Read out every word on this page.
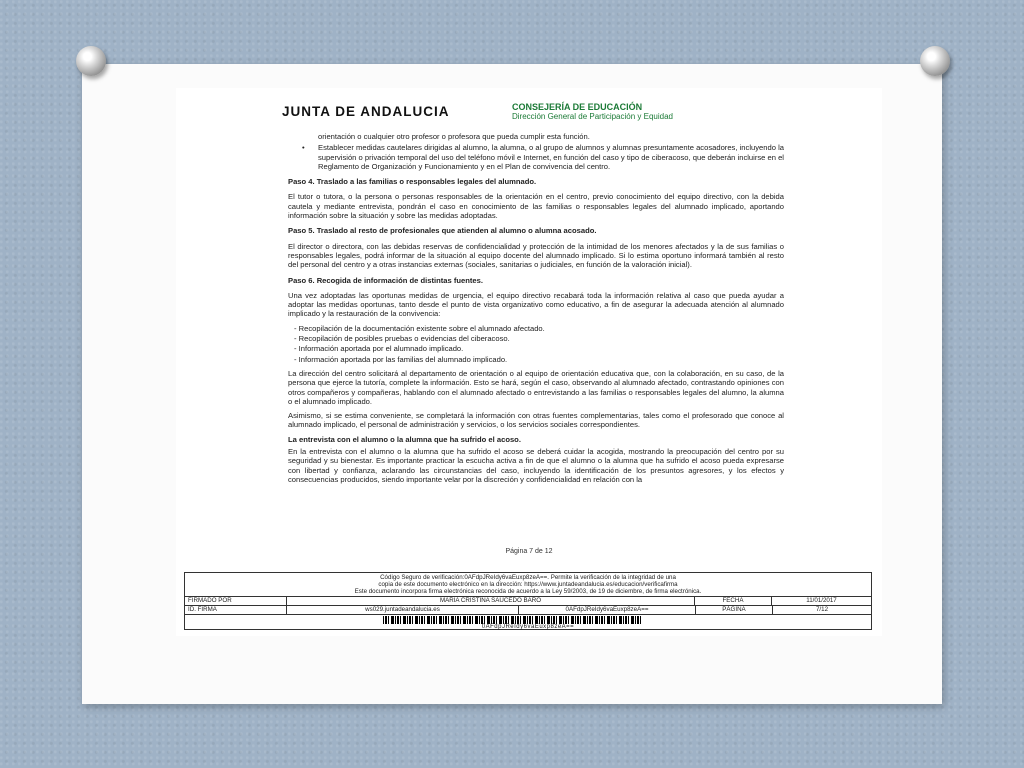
JUNTA DE ANDALUCIA	CONSEJERÍA DE EDUCACIÓN
Dirección General de Participación y Equidad

orientación o cualquier otro profesor o profesora que pueda cumplir esta función.

• Establecer medidas cautelares dirigidas al alumno, la alumna, o al grupo de alumnos y alumnas presuntamente acosadores, incluyendo la supervisión o privación temporal del uso del teléfono móvil e Internet, en función del caso y tipo de ciberacoso, que deberán incluirse en el Reglamento de Organización y Funcionamiento y en el Plan de convivencia del centro.

Paso 4. Traslado a las familias o responsables legales del alumnado.

El tutor o tutora, o la persona o personas responsables de la orientación en el centro, previo conocimiento del equipo directivo, con la debida cautela y mediante entrevista, pondrán el caso en conocimiento de las familias o responsables legales del alumnado implicado, aportando información sobre la situación y sobre las medidas adoptadas.

Paso 5. Traslado al resto de profesionales que atienden al alumno o alumna acosado.

El director o directora, con las debidas reservas de confidencialidad y protección de la intimidad de los menores afectados y la de sus familias o responsables legales, podrá informar de la situación al equipo docente del alumnado implicado. Si lo estima oportuno informará también al resto del personal del centro y a otras instancias externas (sociales, sanitarias o judiciales, en función de la valoración inicial).

Paso 6. Recogida de información de distintas fuentes.

Una vez adoptadas las oportunas medidas de urgencia, el equipo directivo recabará toda la información relativa al caso que pueda ayudar a adoptar las medidas oportunas, tanto desde el punto de vista organizativo como educativo, a fin de asegurar la adecuada atención al alumnado implicado y la restauración de la convivencia:

- Recopilación de la documentación existente sobre el alumnado afectado.

- Recopilación de posibles pruebas o evidencias del ciberacoso.

- Información aportada por el alumnado implicado.

- Información aportada por las familias del alumnado implicado.

La dirección del centro solicitará al departamento de orientación o al equipo de orientación educativa que, con la colaboración, en su caso, de la persona que ejerce la tutoría, complete la información. Esto se hará, según el caso, observando al alumnado afectado, contrastando opiniones con otros compañeros y compañeras, hablando con el alumnado afectado o entrevistando a las familias o responsables legales del alumno, la alumna o el alumnado implicado.

Asimismo, si se estima conveniente, se completará la información con otras fuentes complementarias, tales como el profesorado que conoce al alumnado implicado, el personal de administración y servicios, o los servicios sociales correspondientes.

La entrevista con el alumno o la alumna que ha sufrido el acoso.

En la entrevista con el alumno o la alumna que ha sufrido el acoso se deberá cuidar la acogida, mostrando la preocupación del centro por su seguridad y su bienestar. Es importante practicar la escucha activa a fin de que el alumno o la alumna que ha sufrido el acoso pueda expresarse con libertad y confianza, aclarando las circunstancias del caso, incluyendo la identificación de los presuntos agresores, y los efectos y consecuencias producidos, siendo importante velar por la discreción y confidencialidad en relación con la

Página 7 de 12
Código Seguro de verificación:0AFdpJReIdy6vaEuxp8zeA==. Permite la verificación de la integridad de una
copia de este documento electrónico en la dirección: https://www.juntadeandalucia.es/educacion/verificafirma
Este documento incorpora firma electrónica reconocida de acuerdo a la Ley 59/2003, de 19 de diciembre, de firma electrónica.
FIRMADO POR	MARIA CRISTINA SAUCEDO BARO	FECHA	11/01/2017
ID. FIRMA	ws029.juntadeandalucia.es	0AFdpJReIdy6vaEuxp8zeA==	PÁGINA	7/12
0AFdpJReIdy6vaEuxp8zeA==
